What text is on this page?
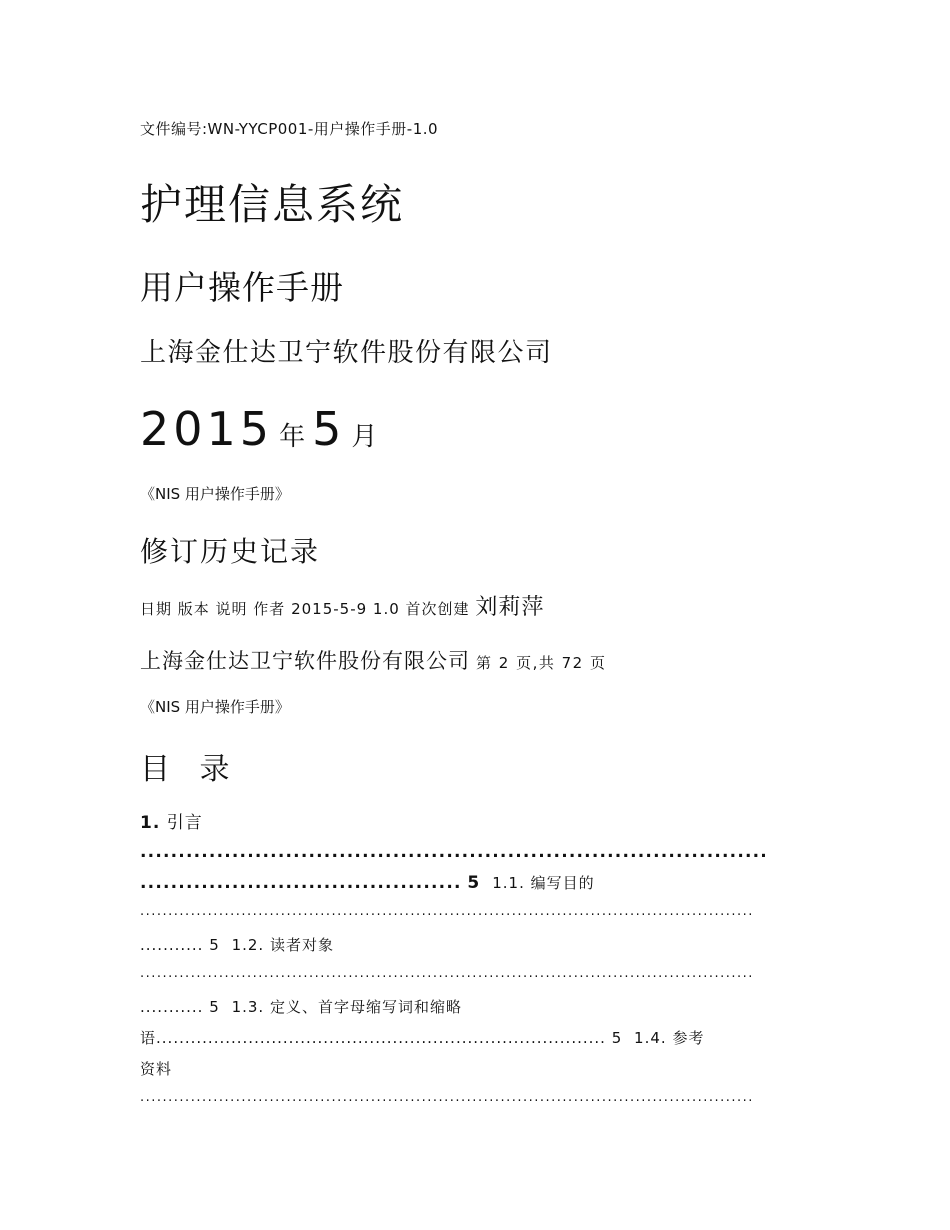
文件编号:WN-YYCP001-用户操作手册-1.0
护理信息系统
用户操作手册
上海金仕达卫宁软件股份有限公司
2015 年 5 月
《NIS 用户操作手册》
修订历史记录
日期 版本 说明 作者 2015-5-9 1.0 首次创建 刘莉萍
上海金仕达卫宁软件股份有限公司 第 2 页,共 72 页
《NIS 用户操作手册》
目 录
1. 引言
..................................................................................
.......................................... 5 1.1. 编写目的
.............................................................................................................
........... 5 1.2. 读者对象
.............................................................................................................
........... 5 1.3. 定义、首字母缩写词和缩略
语.............................................................................. 5 1.4. 参考
资料
.............................................................................................................
